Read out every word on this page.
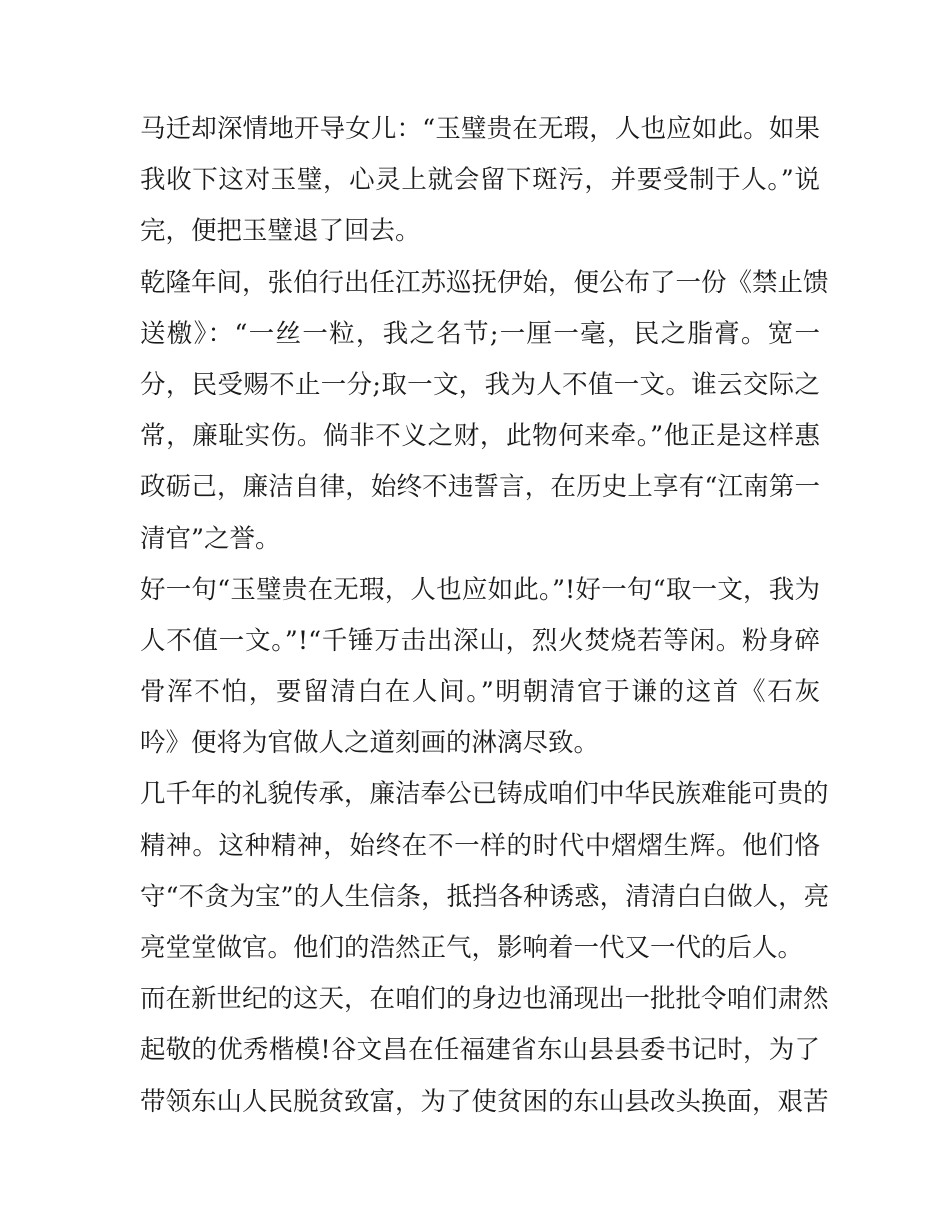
马迁却深情地开导女儿：“玉璧贵在无瑕，人也应如此。如果
我收下这对玉璧，心灵上就会留下斑污，并要受制于人。”说
完，便把玉璧退了回去。
乾隆年间，张伯行出任江苏巡抚伊始，便公布了一份《禁止馈
送檄》：“一丝一粒，我之名节;一厘一毫，民之脂膏。宽一
分，民受赐不止一分;取一文，我为人不值一文。谁云交际之
常，廉耻实伤。倘非不义之财，此物何来牵。”他正是这样惠
政砺己，廉洁自律，始终不违誓言，在历史上享有“江南第一
清官”之誉。
好一句“玉璧贵在无瑕，人也应如此。”!好一句“取一文，我为
人不值一文。”!“千锤万击出深山，烈火焚烧若等闲。粉身碎
骨浑不怕，要留清白在人间。”明朝清官于谦的这首《石灰
吟》便将为官做人之道刻画的淋漓尽致。
几千年的礼貌传承，廉洁奉公已铸成咱们中华民族难能可贵的
精神。这种精神，始终在不一样的时代中熠熠生辉。他们恪
守“不贪为宝”的人生信条，抵挡各种诱惑，清清白白做人，亮
亮堂堂做官。他们的浩然正气，影响着一代又一代的后人。
而在新世纪的这天，在咱们的身边也涌现出一批批令咱们肃然
起敬的优秀楷模!谷文昌在任福建省东山县县委书记时，为了
带领东山人民脱贫致富，为了使贫困的东山县改头换面，艰苦
